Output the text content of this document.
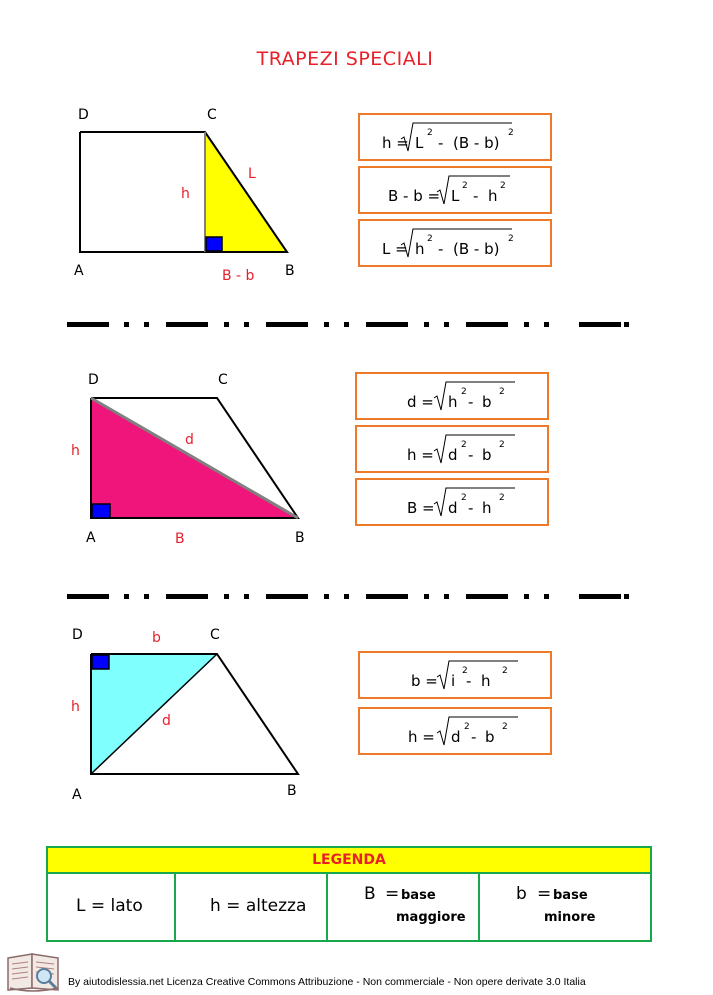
TRAPEZI SPECIALI
D	C
A	B
h
L
B - b
h = L
2
- (B - b)
2
B - b = L
2
- h
2
L = h
2
- (B - b)
2
D	C
A	B
h
d
B
d = h
2
- b
2
h = d
2
- b
2
B = d
2
- h
2
D	C
A	B
h
d
b
b = i
2
- h
2
h = d
2
- b
2
LEGENDA
L = lato	h = altezza
B = base
maggiore
b = base
minore
By aiutodislessia.net Licenza Creative Commons Attribuzione - Non commerciale - Non opere derivate 3.0 Italia
